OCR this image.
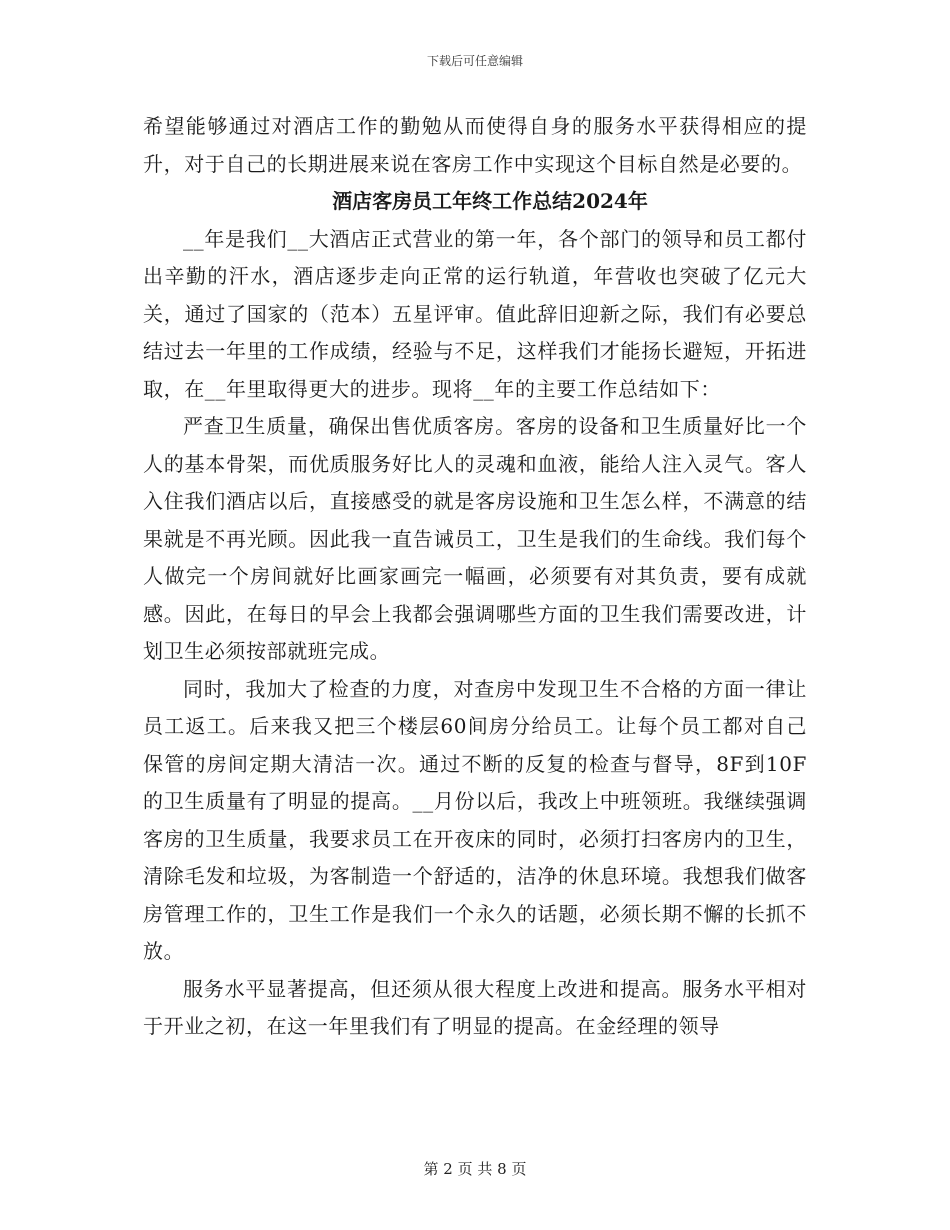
下载后可任意编辑

希望能够通过对酒店工作的勤勉从而使得自身的服务水平获得相应的提升，对于自己的长期进展来说在客房工作中实现这个目标自然是必要的。

酒店客房员工年终工作总结2024年

__年是我们__大酒店正式营业的第一年，各个部门的领导和员工都付出辛勤的汗水，酒店逐步走向正常的运行轨道，年营收也突破了亿元大关，通过了国家的（范本）五星评审。值此辞旧迎新之际，我们有必要总结过去一年里的工作成绩，经验与不足，这样我们才能扬长避短，开拓进取，在__年里取得更大的进步。现将__年的主要工作总结如下：

严查卫生质量，确保出售优质客房。客房的设备和卫生质量好比一个人的基本骨架，而优质服务好比人的灵魂和血液，能给人注入灵气。客人入住我们酒店以后，直接感受的就是客房设施和卫生怎么样，不满意的结果就是不再光顾。因此我一直告诫员工，卫生是我们的生命线。我们每个人做完一个房间就好比画家画完一幅画，必须要有对其负责，要有成就感。因此，在每日的早会上我都会强调哪些方面的卫生我们需要改进，计划卫生必须按部就班完成。

同时，我加大了检查的力度，对查房中发现卫生不合格的方面一律让员工返工。后来我又把三个楼层60间房分给员工。让每个员工都对自己保管的房间定期大清洁一次。通过不断的反复的检查与督导，8F到10F的卫生质量有了明显的提高。__月份以后，我改上中班领班。我继续强调客房的卫生质量，我要求员工在开夜床的同时，必须打扫客房内的卫生，清除毛发和垃圾，为客制造一个舒适的，洁净的休息环境。我想我们做客房管理工作的，卫生工作是我们一个永久的话题，必须长期不懈的长抓不放。

服务水平显著提高，但还须从很大程度上改进和提高。服务水平相对于开业之初，在这一年里我们有了明显的提高。在金经理的领导

第 2 页 共 8 页
